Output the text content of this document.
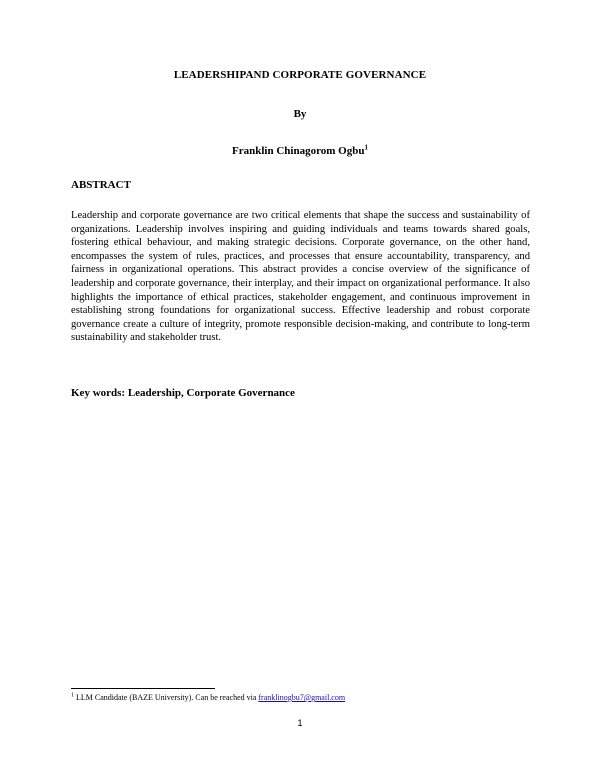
LEADERSHIPAND CORPORATE GOVERNANCE
By
Franklin Chinagorom Ogbu$^1$
ABSTRACT
Leadership and corporate governance are two critical elements that shape the success and sustainability of organizations. Leadership involves inspiring and guiding individuals and teams towards shared goals, fostering ethical behaviour, and making strategic decisions. Corporate governance, on the other hand, encompasses the system of rules, practices, and processes that ensure accountability, transparency, and fairness in organizational operations. This abstract provides a concise overview of the significance of leadership and corporate governance, their interplay, and their impact on organizational performance. It also highlights the importance of ethical practices, stakeholder engagement, and continuous improvement in establishing strong foundations for organizational success. Effective leadership and robust corporate governance create a culture of integrity, promote responsible decision-making, and contribute to long-term sustainability and stakeholder trust.
Key words: Leadership, Corporate Governance
$^1$ LLM Candidate (BAZE University). Can be reached via franklinogbu7@gmail.com
1
